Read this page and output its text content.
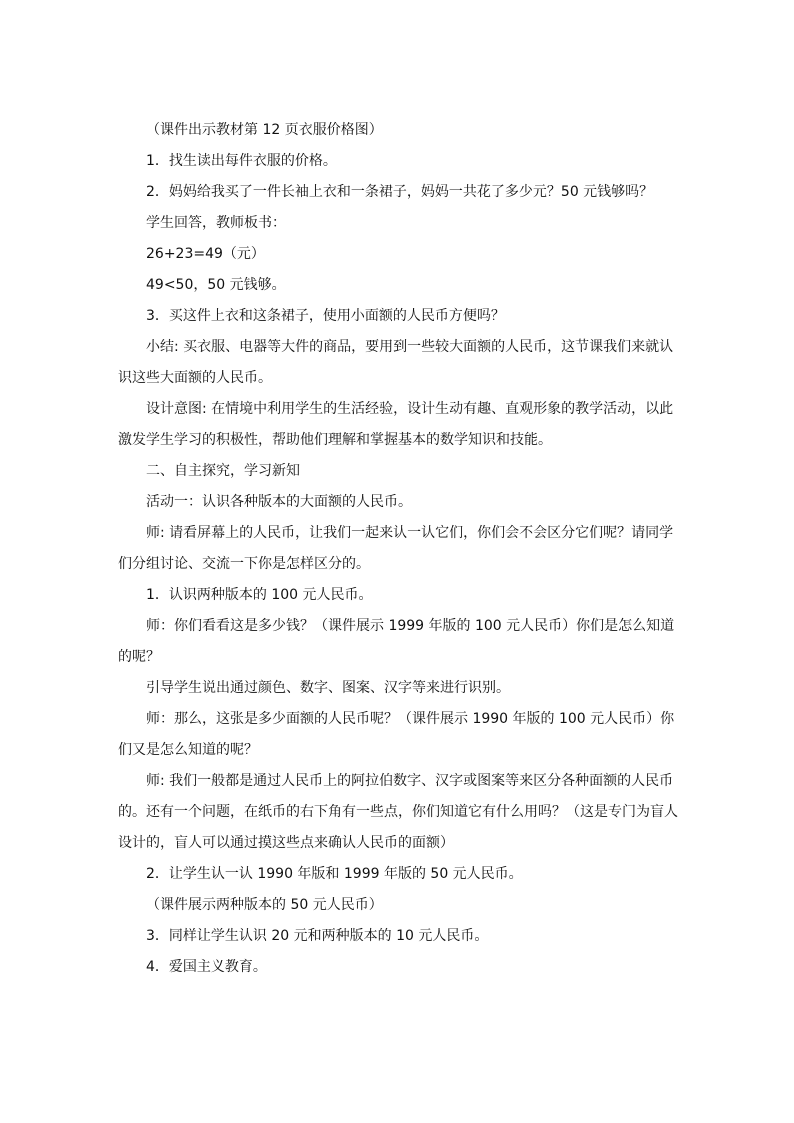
（课件出示教材第 12 页衣服价格图）

1．找生读出每件衣服的价格。

2．妈妈给我买了一件长袖上衣和一条裙子，妈妈一共花了多少元？50 元钱够吗？

学生回答，教师板书：

26+23=49（元）

49<50，50 元钱够。

3．买这件上衣和这条裙子，使用小面额的人民币方便吗？

小结: 买衣服、电器等大件的商品，要用到一些较大面额的人民币，这节课我们来就认识这些大面额的人民币。

设计意图: 在情境中利用学生的生活经验，设计生动有趣、直观形象的教学活动，以此激发学生学习的积极性，帮助他们理解和掌握基本的数学知识和技能。

二、自主探究，学习新知

活动一：认识各种版本的大面额的人民币。

师: 请看屏幕上的人民币，让我们一起来认一认它们，你们会不会区分它们呢？请同学们分组讨论、交流一下你是怎样区分的。

1．认识两种版本的 100 元人民币。

师：你们看看这是多少钱？（课件展示 1999 年版的 100 元人民币）你们是怎么知道的呢？

引导学生说出通过颜色、数字、图案、汉字等来进行识别。

师：那么，这张是多少面额的人民币呢？（课件展示 1990 年版的 100 元人民币）你们又是怎么知道的呢？

师: 我们一般都是通过人民币上的阿拉伯数字、汉字或图案等来区分各种面额的人民币的。还有一个问题，在纸币的右下角有一些点，你们知道它有什么用吗？（这是专门为盲人设计的，盲人可以通过摸这些点来确认人民币的面额）

2．让学生认一认 1990 年版和 1999 年版的 50 元人民币。

（课件展示两种版本的 50 元人民币）

3．同样让学生认识 20 元和两种版本的 10 元人民币。

4．爱国主义教育。
